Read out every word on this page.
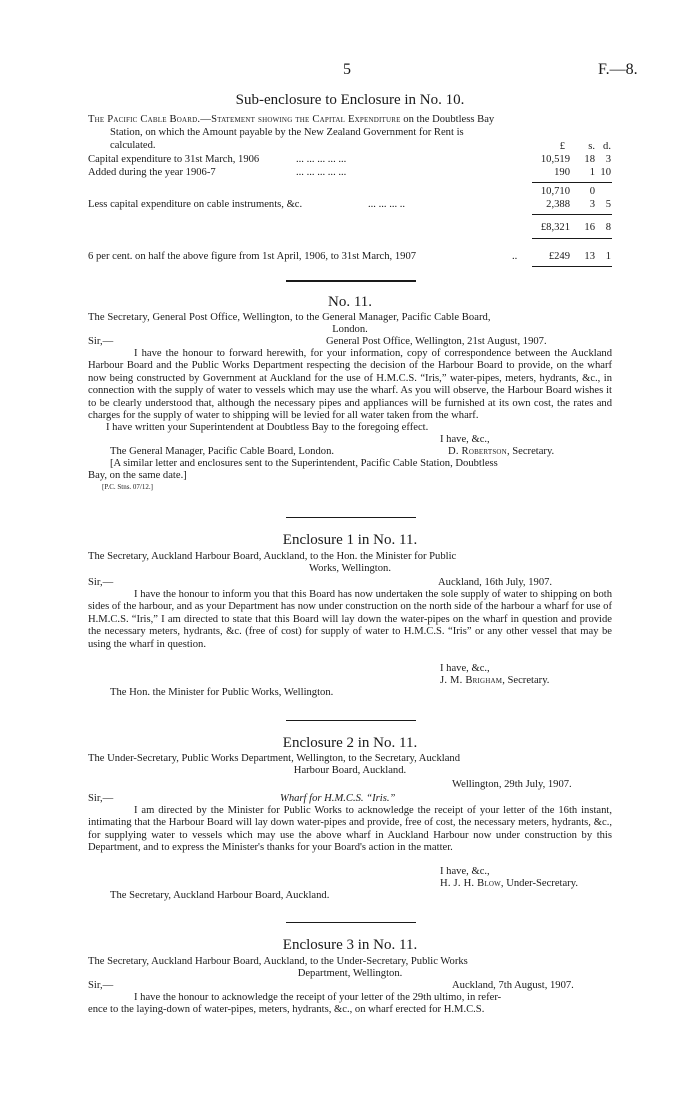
5	F.—8.
Sub-enclosure to Enclosure in No. 10.
The Pacific Cable Board.—Statement showing the Capital Expenditure on the Doubtless Bay
Station, on which the Amount payable by the New Zealand Government for Rent is
calculated.	£	s. d.
Capital expenditure to 31st March, 1906	... ... ... ... ...	10,519	18	3
Added during the year 1906-7	... ... ... ... ...	190	1 10
10,710	0
Less capital expenditure on cable instruments, &c.	... ... ... ..	2,388	3	5
£8,321	16	8
6 per cent. on half the above figure from 1st April, 1906, to 31st March, 1907	..	£249	13	1
No. 11.
The Secretary, General Post Office, Wellington, to the General Manager, Pacific Cable Board,
London.
Sir,—	General Post Office, Wellington, 21st August, 1907.
I have the honour to forward herewith, for your information, copy of correspondence between the Auckland Harbour Board and the Public Works Department respecting the decision of the Harbour Board to provide, on the wharf now being constructed by Government at Auckland for the use of H.M.C.S. “Iris,” water-pipes, meters, hydrants, &c., in connection with the supply of water to vessels which may use the wharf. As you will observe, the Harbour Board wishes it to be clearly understood that, although the necessary pipes and appliances will be furnished at its own cost, the rates and charges for the supply of water to shipping will be levied for all water taken from the wharf.
I have written your Superintendent at Doubtless Bay to the foregoing effect.
I have, &c.,
The General Manager, Pacific Cable Board, London.	D. Robertson, Secretary.
[A similar letter and enclosures sent to the Superintendent, Pacific Cable Station, Doubtless
Bay, on the same date.]
[P.C. Stns. 07/12.]
Enclosure 1 in No. 11.
The Secretary, Auckland Harbour Board, Auckland, to the Hon. the Minister for Public
Works, Wellington.
Sir,—	Auckland, 16th July, 1907.
I have the honour to inform you that this Board has now undertaken the sole supply of water to shipping on both sides of the harbour, and as your Department has now under construction on the north side of the harbour a wharf for use of H.M.C.S. “Iris,” I am directed to state that this Board will lay down the water-pipes on the wharf in question and provide the necessary meters, hydrants, &c. (free of cost) for supply of water to H.M.C.S. “Iris” or any other vessel that may be using the wharf in question.
I have, &c.,
J. M. Brigham, Secretary.
The Hon. the Minister for Public Works, Wellington.
Enclosure 2 in No. 11.
The Under-Secretary, Public Works Department, Wellington, to the Secretary, Auckland
Harbour Board, Auckland.
Wellington, 29th July, 1907.
Sir,—	Wharf for H.M.C.S. “Iris.”
I am directed by the Minister for Public Works to acknowledge the receipt of your letter of the 16th instant, intimating that the Harbour Board will lay down water-pipes and provide, free of cost, the necessary meters, hydrants, &c., for supplying water to vessels which may use the above wharf in Auckland Harbour now under construction by this Department, and to express the Minister's thanks for your Board's action in the matter.
I have, &c.,
H. J. H. Blow, Under-Secretary.
The Secretary, Auckland Harbour Board, Auckland.
Enclosure 3 in No. 11.
The Secretary, Auckland Harbour Board, Auckland, to the Under-Secretary, Public Works
Department, Wellington.
Sir,—	Auckland, 7th August, 1907.
I have the honour to acknowledge the receipt of your letter of the 29th ultimo, in refer-
ence to the laying-down of water-pipes, meters, hydrants, &c., on wharf erected for H.M.C.S.
